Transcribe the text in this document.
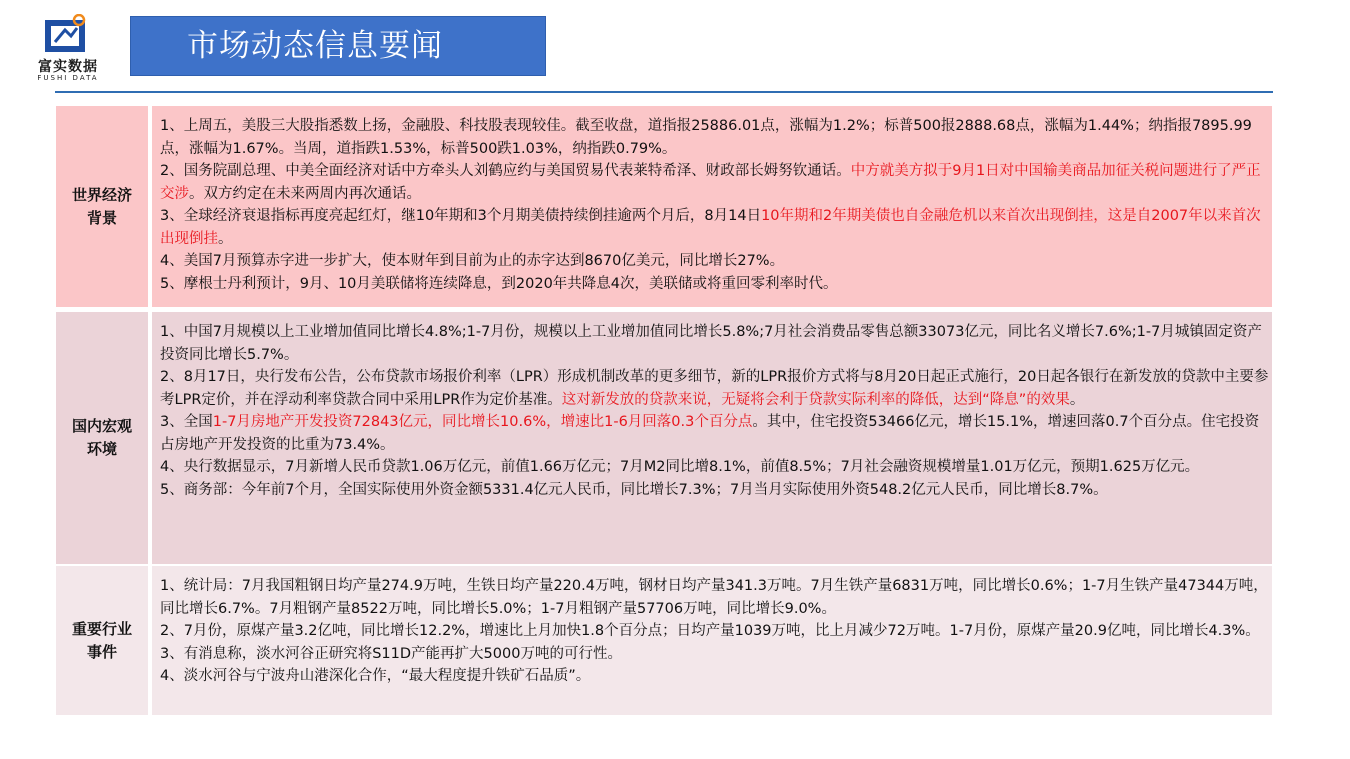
富实数据
FUSHI DATA
市场动态信息要闻
世界经济
背景

1、上周五，美股三大股指悉数上扬，金融股、科技股表现较佳。截至收盘，道指报25886.01点，涨幅为1.2%；标普500报2888.68点，涨幅为1.44%；纳指报7895.99点，涨幅为1.67%。当周，道指跌1.53%，标普500跌1.03%，纳指跌0.79%。

2、国务院副总理、中美全面经济对话中方牵头人刘鹤应约与美国贸易代表莱特希泽、财政部长姆努钦通话。中方就美方拟于9月1日对中国输美商品加征关税问题进行了严正交涉。双方约定在未来两周内再次通话。

3、全球经济衰退指标再度亮起红灯，继10年期和3个月期美债持续倒挂逾两个月后，8月14日10年期和2年期美债也自金融危机以来首次出现倒挂，这是自2007年以来首次出现倒挂。

4、美国7月预算赤字进一步扩大，使本财年到目前为止的赤字达到8670亿美元，同比增长27%。

5、摩根士丹利预计，9月、10月美联储将连续降息，到2020年共降息4次，美联储或将重回零利率时代。

国内宏观
环境

1、中国7月规模以上工业增加值同比增长4.8%;1-7月份，规模以上工业增加值同比增长5.8%;7月社会消费品零售总额33073亿元，同比名义增长7.6%;1-7月城镇固定资产投资同比增长5.7%。

2、8月17日，央行发布公告，公布贷款市场报价利率（LPR）形成机制改革的更多细节，新的LPR报价方式将与8月20日起正式施行，20日起各银行在新发放的贷款中主要参考LPR定价，并在浮动利率贷款合同中采用LPR作为定价基准。这对新发放的贷款来说，无疑将会利于贷款实际利率的降低，达到“降息”的效果。

3、全国1-7月房地产开发投资72843亿元，同比增长10.6%，增速比1-6月回落0.3个百分点。其中，住宅投资53466亿元，增长15.1%，增速回落0.7个百分点。住宅投资占房地产开发投资的比重为73.4%。

4、央行数据显示，7月新增人民币贷款1.06万亿元，前值1.66万亿元；7月M2同比增8.1%，前值8.5%；7月社会融资规模增量1.01万亿元，预期1.625万亿元。

5、商务部：今年前7个月，全国实际使用外资金额5331.4亿元人民币，同比增长7.3%；7月当月实际使用外资548.2亿元人民币，同比增长8.7%。

重要行业
事件

1、统计局：7月我国粗钢日均产量274.9万吨，生铁日均产量220.4万吨，钢材日均产量341.3万吨。7月生铁产量6831万吨，同比增长0.6%；1-7月生铁产量47344万吨，同比增长6.7%。7月粗钢产量8522万吨，同比增长5.0%；1-7月粗钢产量57706万吨，同比增长9.0%。

2、7月份，原煤产量3.2亿吨，同比增长12.2%，增速比上月加快1.8个百分点；日均产量1039万吨，比上月减少72万吨。1-7月份，原煤产量20.9亿吨，同比增长4.3%。

3、有消息称，淡水河谷正研究将S11D产能再扩大5000万吨的可行性。

4、淡水河谷与宁波舟山港深化合作，“最大程度提升铁矿石品质”。
